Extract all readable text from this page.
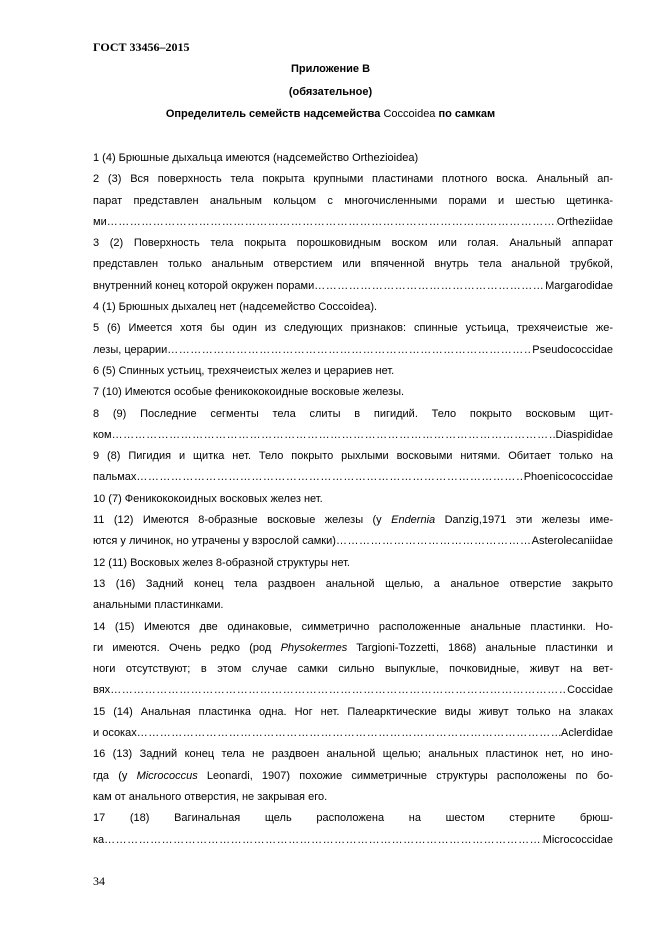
ГОСТ 33456–2015
Приложение В
(обязательное)
Определитель семейств надсемейства Coccoidea по самкам
1 (4) Брюшные дыхальца имеются (надсемейство Orthezioidea)
2 (3) Вся поверхность тела покрыта крупными пластинами плотного воска. Анальный ап-
парат представлен анальным кольцом с многочисленными порами и шестью щетинка-
ми ………………………………………………………………………………………………………………………………………………………	Ortheziidae
3 (2) Поверхность тела покрыта порошковидным воском или голая. Анальный аппарат
представлен только анальным отверстием или впяченной внутрь тела анальной трубкой,
внутренний конец которой окружен порами ………………………………………………………………………………………………………………………………………………………	Margarodidae
4 (1) Брюшных дыхалец нет (надсемейство Coccoidea).
5 (6) Имеется хотя бы один из следующих признаков: спинные устьица, трехячеистые же-
лезы, церарии ………………………………………………………………………………………………………………………………………………………	Pseudococcidae
6 (5) Спинных устьиц, трехячеистых желез и церариев нет.
7 (10) Имеются особые феникококоидные восковые железы.
8 (9) Последние сегменты тела слиты в пигидий. Тело покрыто восковым щит-
ком ………………………………………………………………………………………………………………………………………………………	Diaspididae
9 (8) Пигидия и щитка нет. Тело покрыто рыхлыми восковыми нитями. Обитает только на
пальмах ………………………………………………………………………………………………………………………………………………………	Phoenicococcidae
10 (7) Феникококоидных восковых желез нет.
11 (12) Имеются 8-образные восковые железы (у Endernia Danzig,1971 эти железы име-
ются у личинок, но утрачены у взрослой самки) ………………………………………………………………………………………………………………………………………………………	Asterolecaniidae
12 (11) Восковых желез 8-образной структуры нет.
13 (16) Задний конец тела раздвоен анальной щелью, а анальное отверстие закрыто
анальными пластинками.
14 (15) Имеются две одинаковые, симметрично расположенные анальные пластинки. Но-
ги имеются. Очень редко (род Physokermes Targioni-Tozzetti, 1868) анальные пластинки и
ноги отсутствуют; в этом случае самки сильно выпуклые, почковидные, живут на вет-
вях ………………………………………………………………………………………………………………………………………………………	Coccidae
15 (14) Анальная пластинка одна. Ног нет. Палеарктические виды живут только на злаках
и осоках ………………………………………………………………………………………………………………………………………………………	Aclerdidae
16 (13) Задний конец тела не раздвоен анальной щелью; анальных пластинок нет, но ино-
гда (у Micrococcus Leonardi, 1907) похожие симметричные структуры расположены по бо-
кам от анального отверстия, не закрывая его.
17 (18) Вагинальная щель расположена на шестом стерните брюш-
ка ………………………………………………………………………………………………………………………………………………………	Micrococcidae
34
